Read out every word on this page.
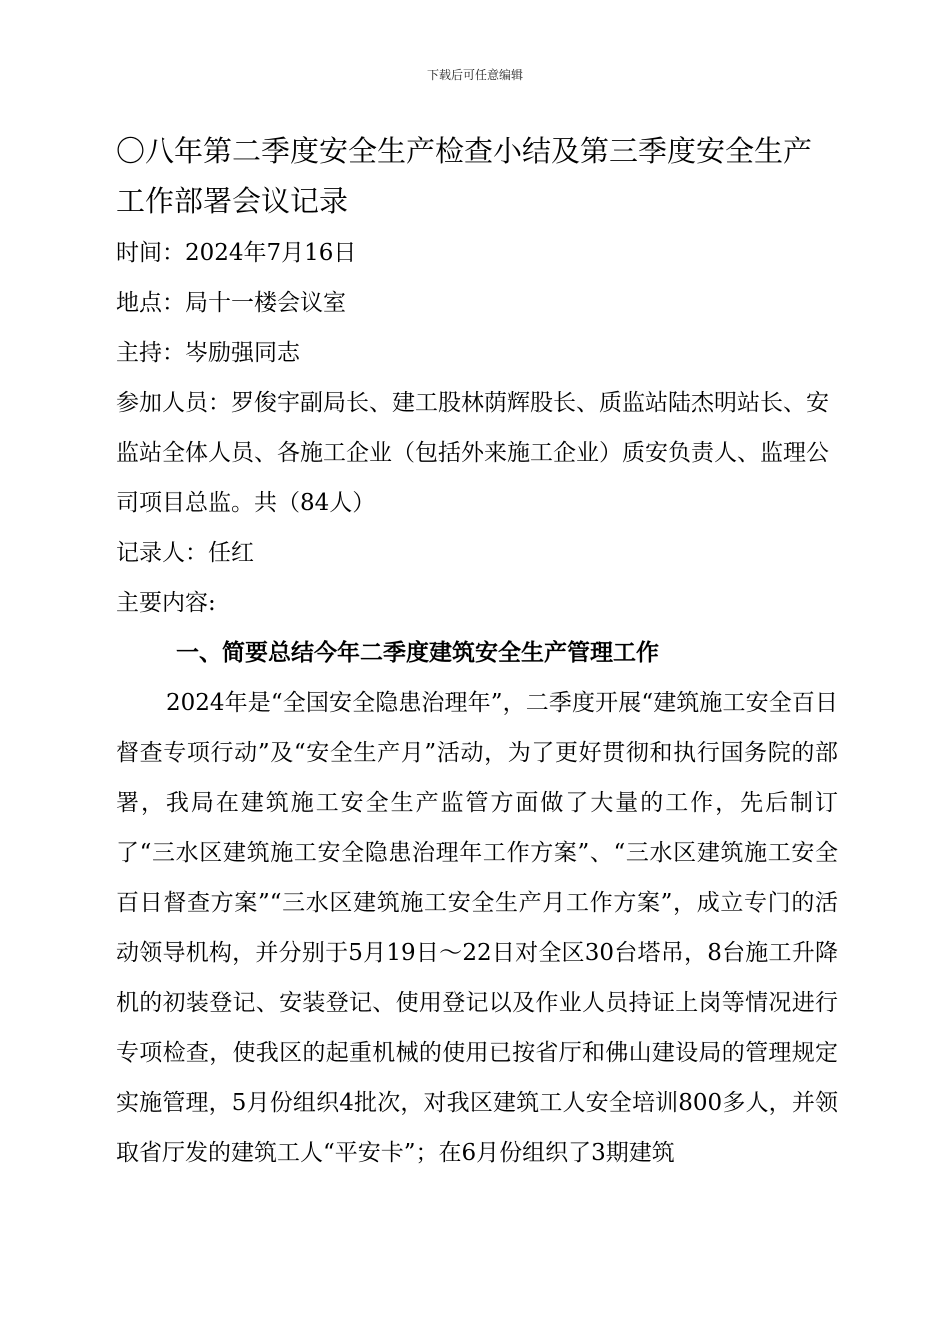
下载后可任意编辑
〇八年第二季度安全生产检查小结及第三季度安全生产工作部署会议记录

时间：2024年7月16日

地点：局十一楼会议室

主持：岑励强同志

参加人员：罗俊宇副局长、建工股林荫辉股长、质监站陆杰明站长、安监站全体人员、各施工企业（包括外来施工企业）质安负责人、监理公司项目总监。共（84人）

记录人：任红

主要内容:

一、简要总结今年二季度建筑安全生产管理工作

2024年是“全国安全隐患治理年”，二季度开展“建筑施工安全百日督查专项行动”及“安全生产月”活动，为了更好贯彻和执行国务院的部署，我局在建筑施工安全生产监管方面做了大量的工作，先后制订了“三水区建筑施工安全隐患治理年工作方案”、“三水区建筑施工安全百日督查方案”“三水区建筑施工安全生产月工作方案”，成立专门的活动领导机构，并分别于5月19日～22日对全区30台塔吊，8台施工升降机的初装登记、安装登记、使用登记以及作业人员持证上岗等情况进行专项检查，使我区的起重机械的使用已按省厅和佛山建设局的管理规定实施管理，5月份组织4批次，对我区建筑工人安全培训800多人，并领取省厅发的建筑工人“平安卡”；在6月份组织了3期建筑
